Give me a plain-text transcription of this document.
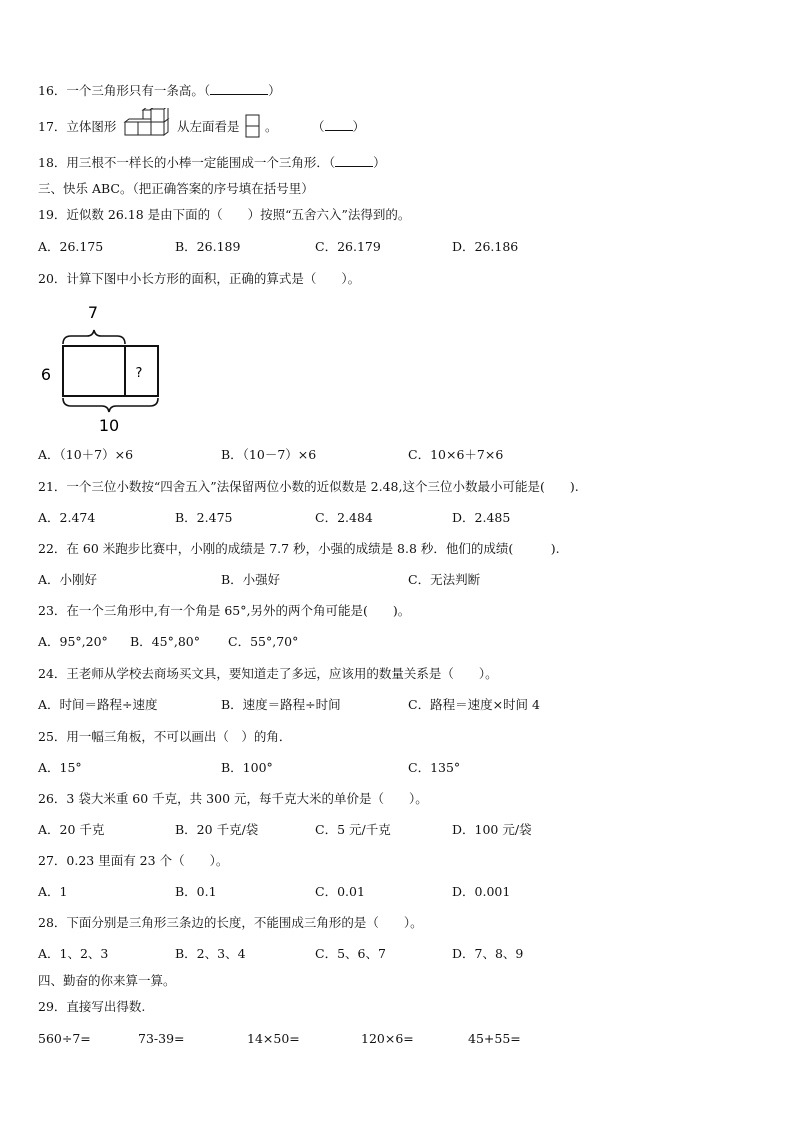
16．一个三角形只有一条高。（	）
17．立体图形	从左面看是 。	（ ）
18．用三根不一样长的小棒一定能围成一个三角形．（	）
三、快乐 ABC。（把正确答案的序号填在括号里）
19．近似数 26.18 是由下面的（　　）按照“五舍六入”法得到的。
A．26.175	B．26.189	C．26.179	D．26.186
20．计算下图中小长方形的面积，正确的算式是（　　）。
7
?
6
10
A．（10＋7）×6	B．（10－7）×6	C．10×6＋7×6
21．一个三位小数按“四舍五入”法保留两位小数的近似数是 2.48,这个三位小数最小可能是(　　).
A．2.474	B．2.475	C．2.484	D．2.485
22．在 60 米跑步比赛中，小刚的成绩是 7.7 秒，小强的成绩是 8.8 秒．他们的成绩(　　　).
A．小刚好	B．小强好	C．无法判断
23．在一个三角形中,有一个角是 65°,另外的两个角可能是(　　)。
A．95°,20° B．45°,80° C．55°,70°
24．王老师从学校去商场买文具，要知道走了多远，应该用的数量关系是（　　）。
A．时间＝路程÷速度	B．速度＝路程÷时间	C．路程＝速度×时间 4
25．用一幅三角板，不可以画出（　）的角．
A．15°	B．100°	C．135°
26．3 袋大米重 60 千克，共 300 元，每千克大米的单价是（　　）。
A．20 千克	B．20 千克/袋	C．5 元/千克	D．100 元/袋
27．0.23 里面有 23 个（　　）。
A．1	B．0.1	C．0.01	D．0.001
28．下面分别是三角形三条边的长度，不能围成三角形的是（　　）。
A．1、2、3	B．2、3、4	C．5、6、7	D．7、8、9
四、勤奋的你来算一算。
29．直接写出得数.
560÷7=	73-39=	14×50=	120×6=	45+55=
